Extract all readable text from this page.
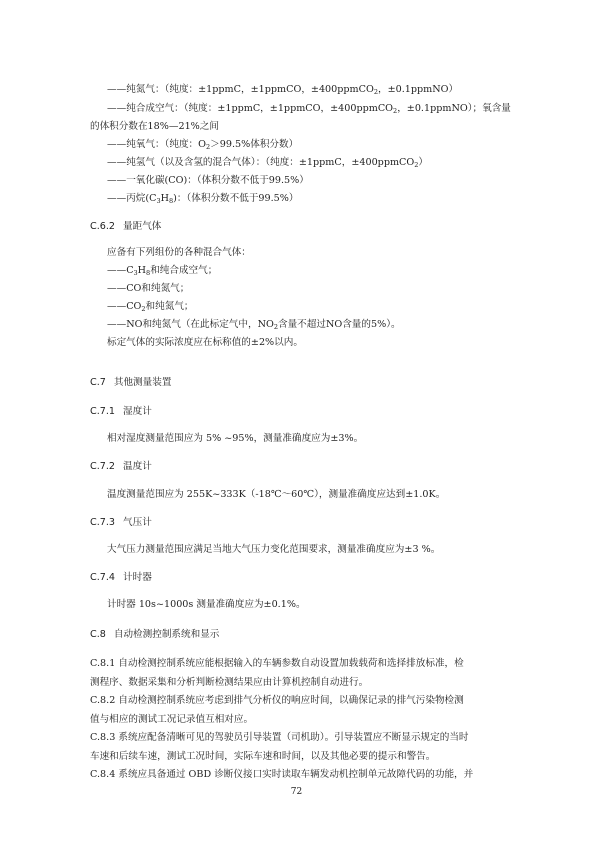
——纯氮气：（纯度：±1ppmC，±1ppmCO，±400ppmCO$_2$，±0.1ppmNO）
——纯合成空气：（纯度：±1ppmC，±1ppmCO，±400ppmCO$_2$，±0.1ppmNO）；氧含量
的体积分数在18%—21%之间
——纯氧气：（纯度：$O_2>99.5\%$体积分数）
——纯氢气（以及含氢的混合气体）：（纯度：±1ppmC，±400ppmCO$_2$）
——一氧化碳(CO)：（体积分数不低于99.5%）
——丙烷$(C_3H_8)$：（体积分数不低于99.5%）
C.6.2 量距气体
应备有下列组份的各种混合气体：
$——C_3H_8$和纯合成空气；
——CO和纯氮气；
$——CO_2$和纯氮气；
——NO和纯氮气（在此标定气中，$NO_2$含量不超过NO含量的5%）。
标定气体的实际浓度应在标称值的±2%以内。
C.7 其他测量装置
C.7.1 湿度计
相对湿度测量范围应为 5% ~95%，测量准确度应为±3%。
C.7.2 温度计
温度测量范围应为 255K~333K（-18℃～60℃），测量准确度应达到±1.0K。
C.7.3 气压计
大气压力测量范围应满足当地大气压力变化范围要求，测量准确度应为±3 %。
C.7.4 计时器
计时器 10s~1000s 测量准确度应为±0.1%。
C.8 自动检测控制系统和显示
C.8.1 自动检测控制系统应能根据输入的车辆参数自动设置加载载荷和选择排放标准，检
测程序、数据采集和分析判断检测结果应由计算机控制自动进行。
C.8.2 自动检测控制系统应考虑到排气分析仪的响应时间，以确保记录的排气污染物检测
值与相应的测试工况记录值互相对应。
C.8.3 系统应配备清晰可见的驾驶员引导装置（司机助）。引导装置应不断显示规定的当时
车速和后续车速，测试工况时间，实际车速和时间，以及其他必要的提示和警告。
C.8.4 系统应具备通过 OBD 诊断仪接口实时读取车辆发动机控制单元故障代码的功能，并
72
